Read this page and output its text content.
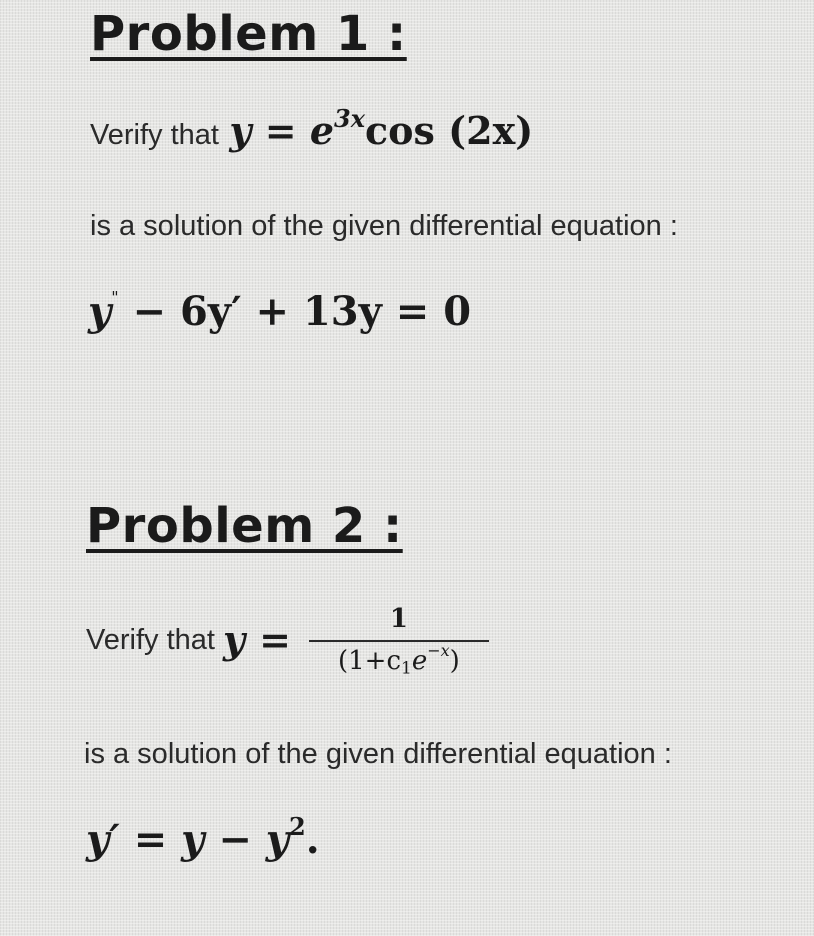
Problem 1 :
Verify that $y = e^{3x}\cos$ (2x)
is a solution of the given differential equation :
y" − 6y′ + 13y = 0
Problem 2 :
Verify that $y = \frac{1}{(1+c_1e^{-x})}$
is a solution of the given differential equation :
$y' = y - y^2$.
